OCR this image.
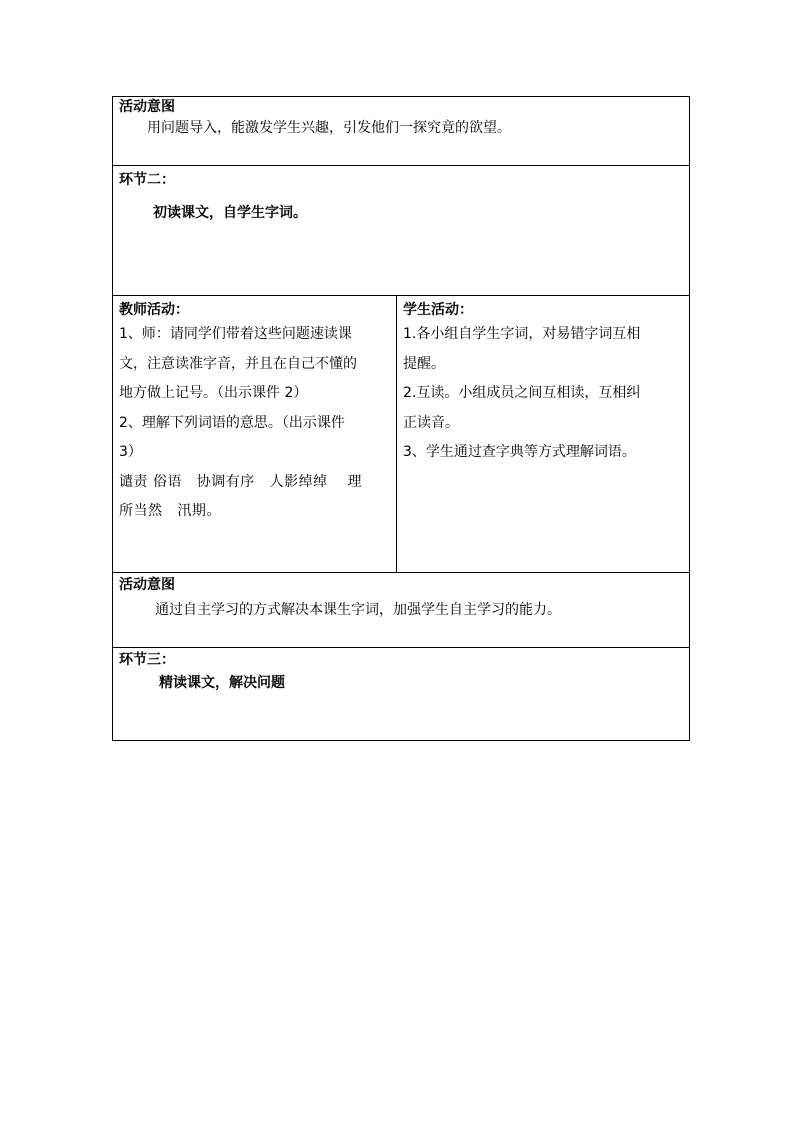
活动意图
用问题导入，能激发学生兴趣，引发他们一探究竟的欲望。

环节二：
初读课文，自学生字词。

教师活动：
1、师：请同学们带着这些问题速读课
文，注意读准字音，并且在自己不懂的
地方做上记号。（出示课件 2）
2、理解下列词语的意思。（出示课件
3）
谴责 俗语   协调有序   人影绰绰    理
所当然   汛期。

学生活动：
1.各小组自学生字词，对易错字词互相
提醒。
2.互读。小组成员之间互相读，互相纠
正读音。
3、学生通过查字典等方式理解词语。

活动意图
通过自主学习的方式解决本课生字词，加强学生自主学习的能力。

环节三：
精读课文，解决问题
